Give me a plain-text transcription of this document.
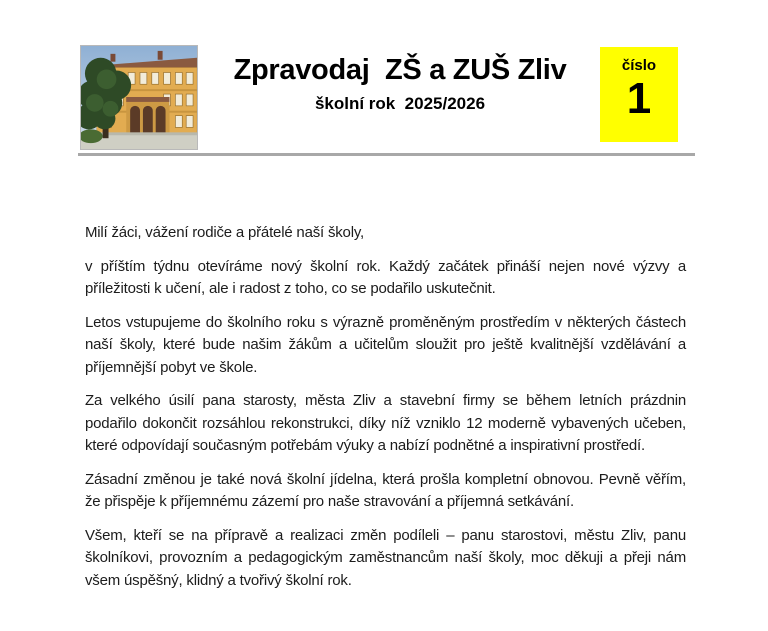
Zpravodaj  ZŠ a ZUŠ Zliv
školní rok  2025/2026
číslo
1

Milí žáci, vážení rodiče a přátelé naší školy,

v příštím týdnu otevíráme nový školní rok. Každý začátek přináší nejen nové výzvy a příležitosti k učení, ale i radost z toho, co se podařilo uskutečnit.

Letos vstupujeme do školního roku s výrazně proměněným prostředím v některých částech naší školy, které bude našim žákům a učitelům sloužit pro ještě kvalitnější vzdělávání a příjemnější pobyt ve škole.

Za velkého úsilí pana starosty, města Zliv a stavební firmy se během letních prázdnin podařilo dokončit rozsáhlou rekonstrukci, díky níž vzniklo 12 moderně vybavených učeben, které odpovídají současným potřebám výuky a nabízí podnětné a inspirativní prostředí.

Zásadní změnou je také nová školní jídelna, která prošla kompletní obnovou. Pevně věřím, že přispěje k příjemnému zázemí pro naše stravování a příjemná setkávání.

Všem, kteří se na přípravě a realizaci změn podíleli – panu starostovi, městu Zliv, panu školníkovi, provozním a pedagogickým zaměstnancům naší školy, moc děkuji a přeji nám všem úspěšný, klidný a tvořivý školní rok.
